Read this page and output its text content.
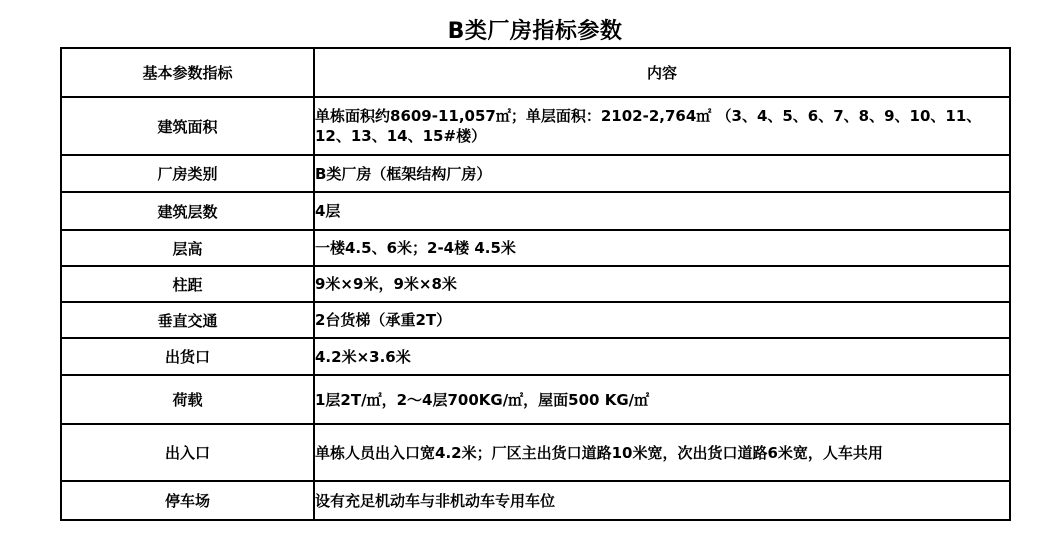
B类厂房指标参数
基本参数指标	内容
建筑面积	单栋面积约8609-11,057㎡；单层面积：2102-2,764㎡ （3、4、5、6、7、8、9、10、11、12、13、14、15#楼）
厂房类别	B类厂房（框架结构厂房）
建筑层数	4层
层高	一楼4.5、6米；2-4楼 4.5米
柱距	9米×9米，9米×8米
垂直交通	2台货梯（承重2T）
出货口	4.2米×3.6米
荷载	1层2T/㎡，2～4层700KG/㎡，屋面500 KG/㎡
出入口	单栋人员出入口宽4.2米；厂区主出货口道路10米宽，次出货口道路6米宽，人车共用
停车场	设有充足机动车与非机动车专用车位
